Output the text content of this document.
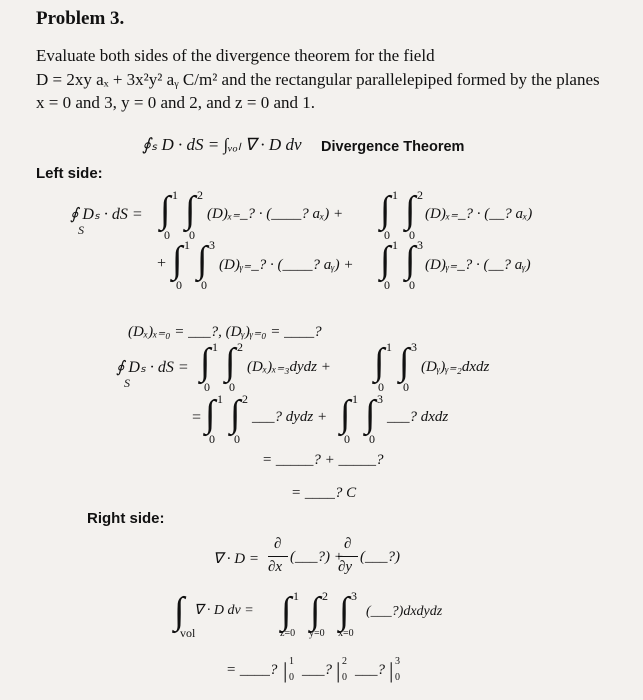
Problem 3.
Evaluate both sides of the divergence theorem for the field
D = 2xy aₓ + 3x²y² aᵧ C/m² and the rectangular parallelepiped formed by the planes
x = 0 and 3, y = 0 and 2, and z = 0 and 1.
∮ₛ D · dS = ∫ᵥₒₗ ∇ · D dv Divergence Theorem
Left side:
∮ Dₛ · dS =
S ∫ ∫
1 2
0 0
(D)ₓ₌_? · (____? aₓ) + ∫ ∫
1 2
0 0
(D)ₓ₌_? · (__? aₓ)
+ ∫ ∫
1 3
0 0
(D)ᵧ₌_? · (____? aᵧ) + ∫ ∫
1 3
0 0
(D)ᵧ₌_? · (__? aᵧ)
(Dₓ)ₓ₌₀ = ___?, (Dᵧ)ᵧ₌₀ = ____?
∮ Dₛ · dS =
S ∫ ∫
1 2
0 0
(Dₓ)ₓ₌₃dydz + ∫ ∫
1 3
0 0
(Dᵧ)ᵧ₌₂dxdz
= ∫ ∫
1 2
0 0
___? dydz + ∫ ∫
1 3
0 0
___? dxdz
= _____? + _____?
= ____? C
Right side:
∇ · D =
∂
∂x
(___?) +
∂
∂y
(___?)
∫
vol
∇ · D dv = ∫ ∫ ∫
1 2 3
z=0 y=0 x=0
(___?)dxdydz
= ____? | 1
0 ___? | 2
0 ___? | 3
0
